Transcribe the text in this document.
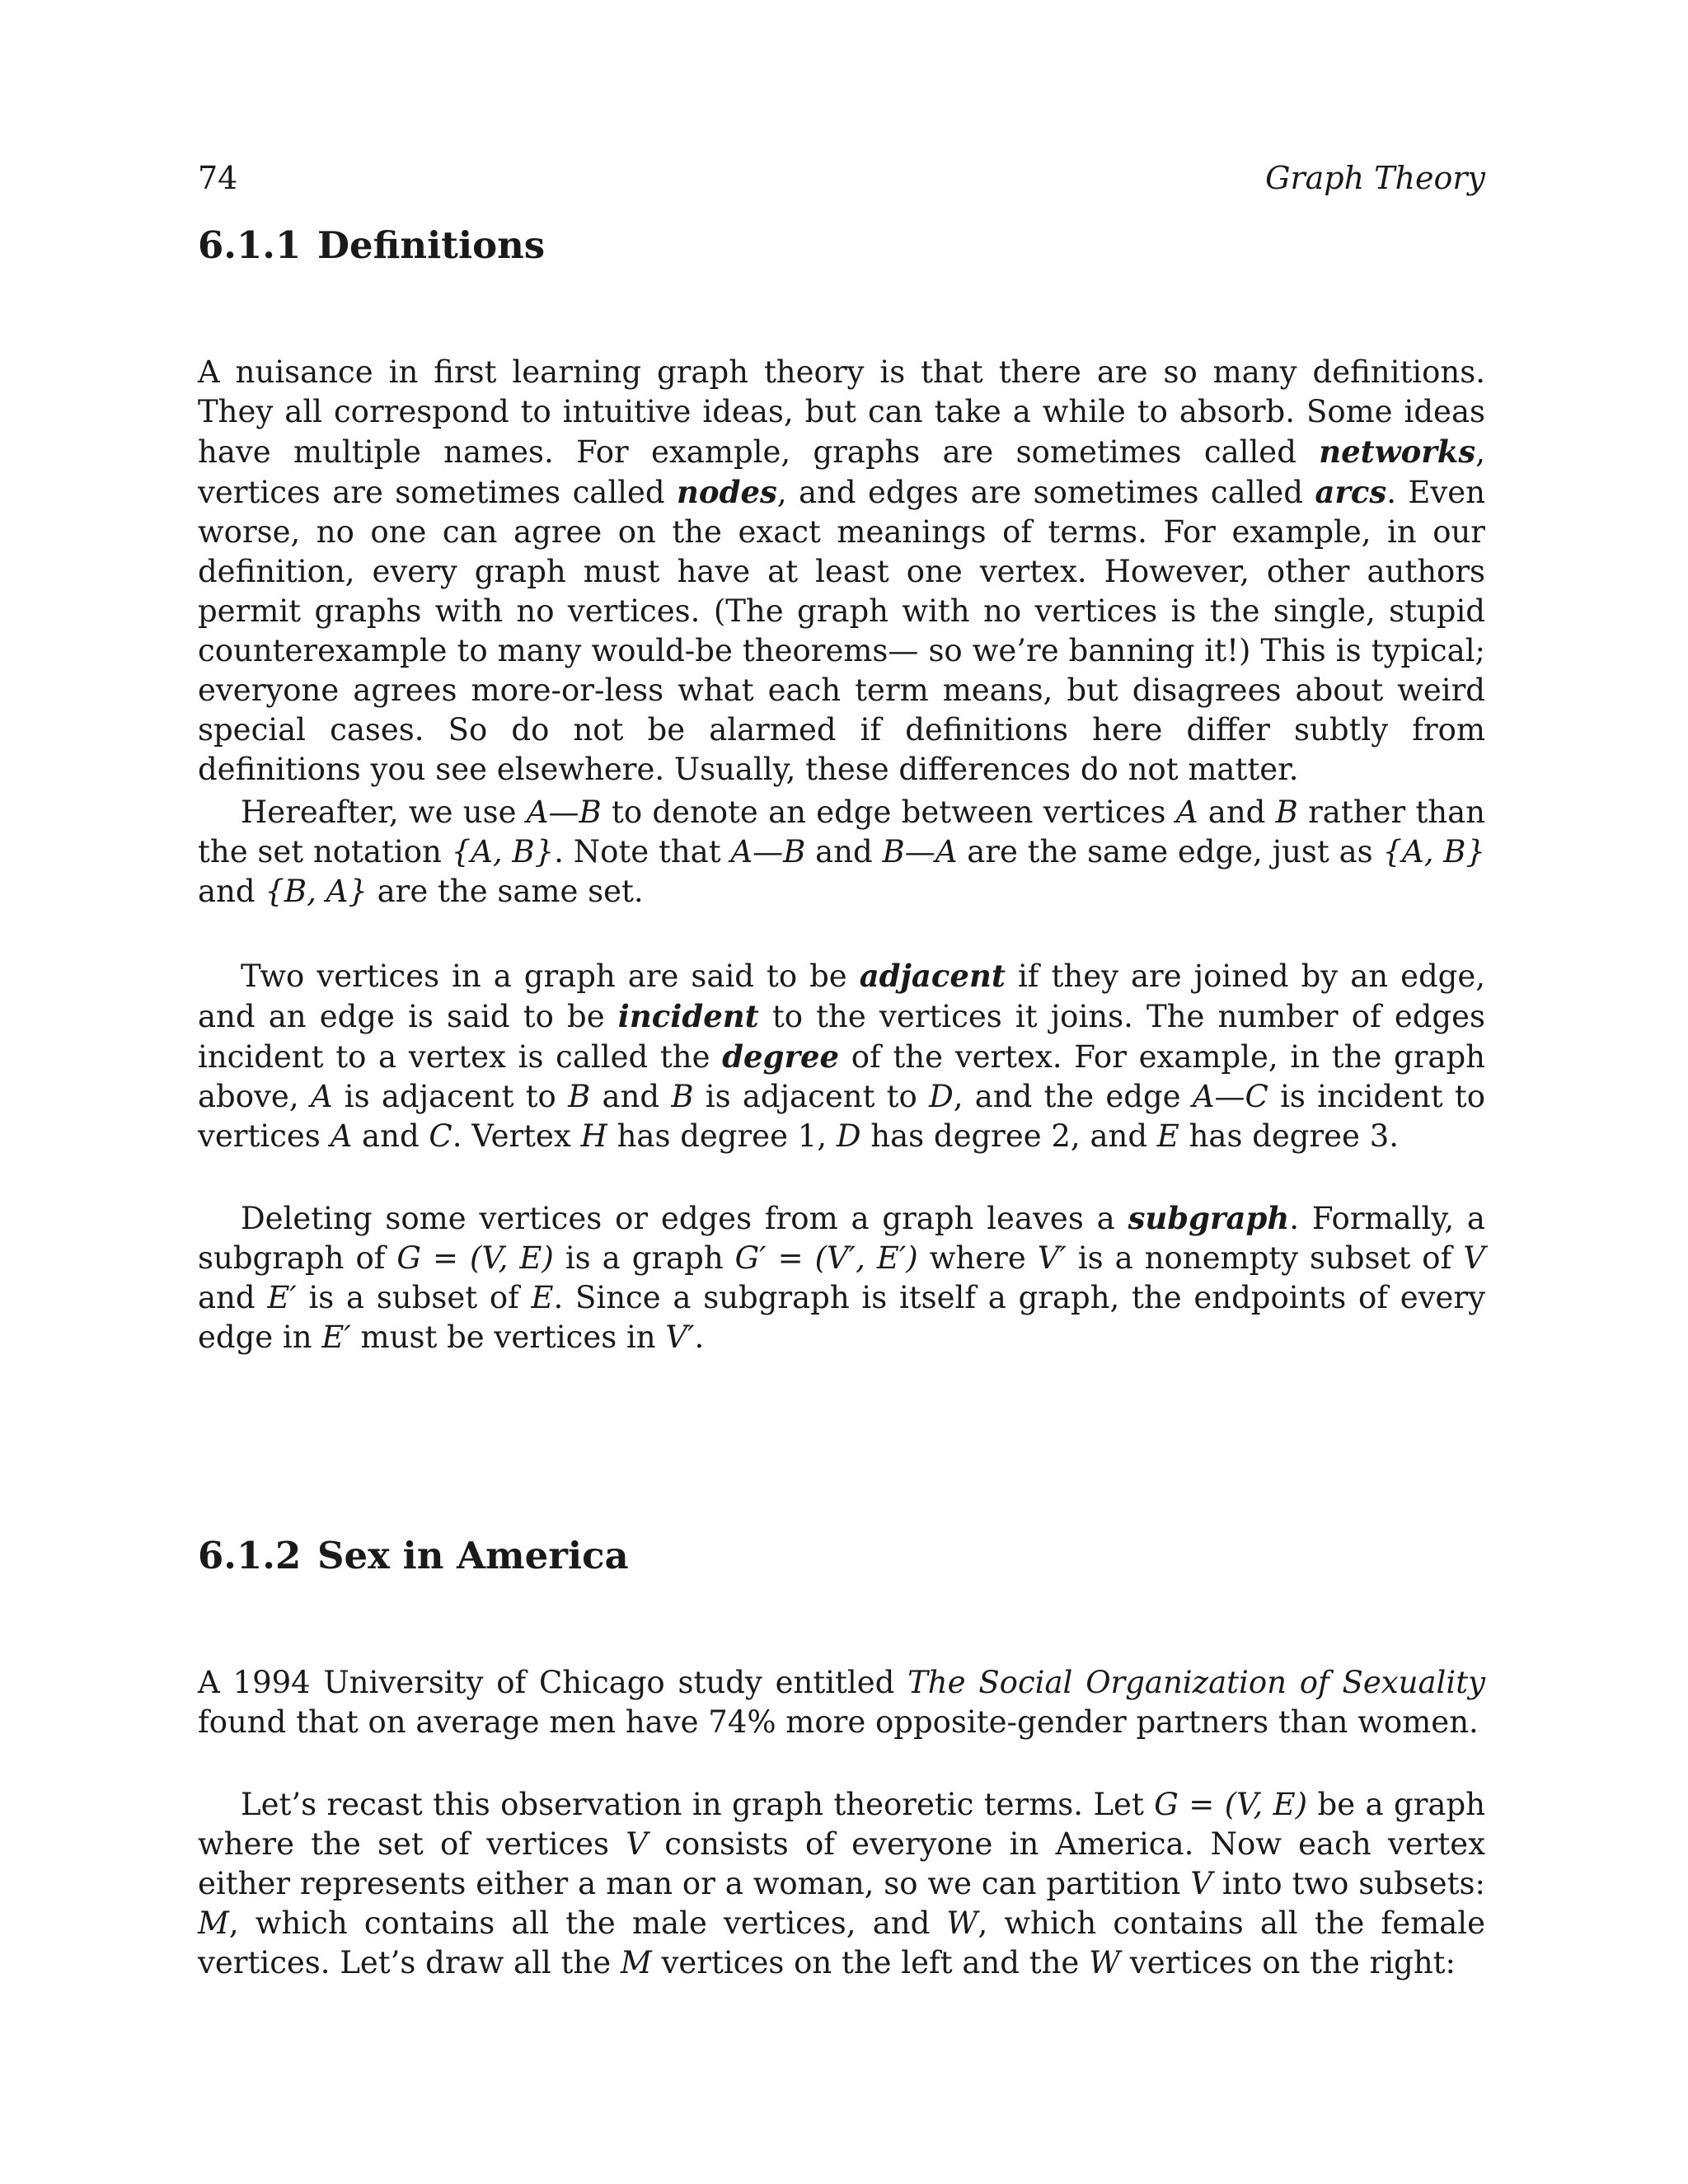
74	Graph Theory
6.1.1 Definitions

A nuisance in first learning graph theory is that there are so many definitions. They all correspond to intuitive ideas, but can take a while to absorb. Some ideas have multiple names. For example, graphs are sometimes called networks, vertices are sometimes called nodes, and edges are sometimes called arcs. Even worse, no one can agree on the exact meanings of terms. For example, in our definition, every graph must have at least one vertex. However, other authors permit graphs with no vertices. (The graph with no vertices is the single, stupid counterexample to many would-be theorems— so we’re banning it!) This is typical; everyone agrees more-or-less what each term means, but disagrees about weird special cases. So do not be alarmed if definitions here differ subtly from definitions you see elsewhere. Usually, these differences do not matter.

Hereafter, we use A—B to denote an edge between vertices A and B rather than the set notation {A, B}. Note that A—B and B—A are the same edge, just as {A, B} and {B, A} are the same set.

Two vertices in a graph are said to be adjacent if they are joined by an edge, and an edge is said to be incident to the vertices it joins. The number of edges incident to a vertex is called the degree of the vertex. For example, in the graph above, A is adjacent to B and B is adjacent to D, and the edge A—C is incident to vertices A and C. Vertex H has degree 1, D has degree 2, and E has degree 3.

Deleting some vertices or edges from a graph leaves a subgraph. Formally, a subgraph of G = (V, E) is a graph G′ = (V′, E′) where V′ is a nonempty subset of V and E′ is a subset of E. Since a subgraph is itself a graph, the endpoints of every edge in E′ must be vertices in V′.

6.1.2 Sex in America

A 1994 University of Chicago study entitled The Social Organization of Sexuality found that on average men have 74% more opposite-gender partners than women.

Let’s recast this observation in graph theoretic terms. Let G = (V, E) be a graph where the set of vertices V consists of everyone in America. Now each vertex either represents either a man or a woman, so we can partition V into two subsets: M, which contains all the male vertices, and W, which contains all the female vertices. Let’s draw all the M vertices on the left and the W vertices on the right:
